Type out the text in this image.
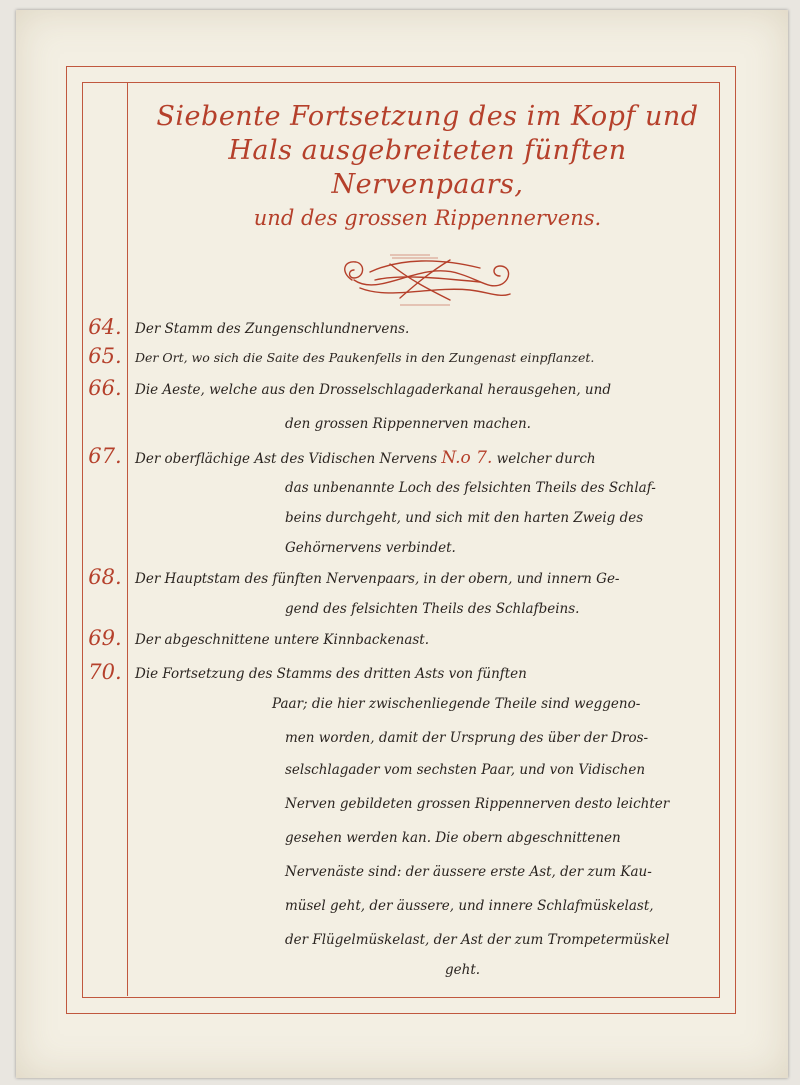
Siebente Fortsetzung des im Kopf und
Hals ausgebreiteten fünften Nervenpaars,
und des grossen Rippennervens.
64. Der Stamm des Zungenschlundnervens.
65.	Der Ort, wo sich die Saite des Paukenfells in den Zungenast einpflanzet.
66. Die Aeste, welche aus den Drosselschlagaderkanal herausgehen, und
den grossen Rippennerven machen.
67. Der oberflächige Ast des Vidischen Nervens N.o 7. welcher durch
das unbenannte Loch des felsichten Theils des Schlaf-
beins durchgeht, und sich mit den harten Zweig des
Gehörnervens verbindet.
68. Der Hauptstam des fünften Nervenpaars, in der obern, und innern Ge-
gend des felsichten Theils des Schlafbeins.
69. Der abgeschnittene untere Kinnbackenast.
70. Die Fortsetzung des Stamms des dritten Asts von fünften
Paar; die hier zwischenliegende Theile sind weggeno-
men worden, damit der Ursprung des über der Dros-
selschlagader vom sechsten Paar, und von Vidischen
Nerven gebildeten grossen Rippennerven desto leichter
gesehen werden kan. Die obern abgeschnittenen
Nervenäste sind: der äussere erste Ast, der zum Kau-
müsel geht, der äussere, und innere Schlafmüskelast,
der Flügelmüskelast, der Ast der zum Trompetermüskel
geht.
